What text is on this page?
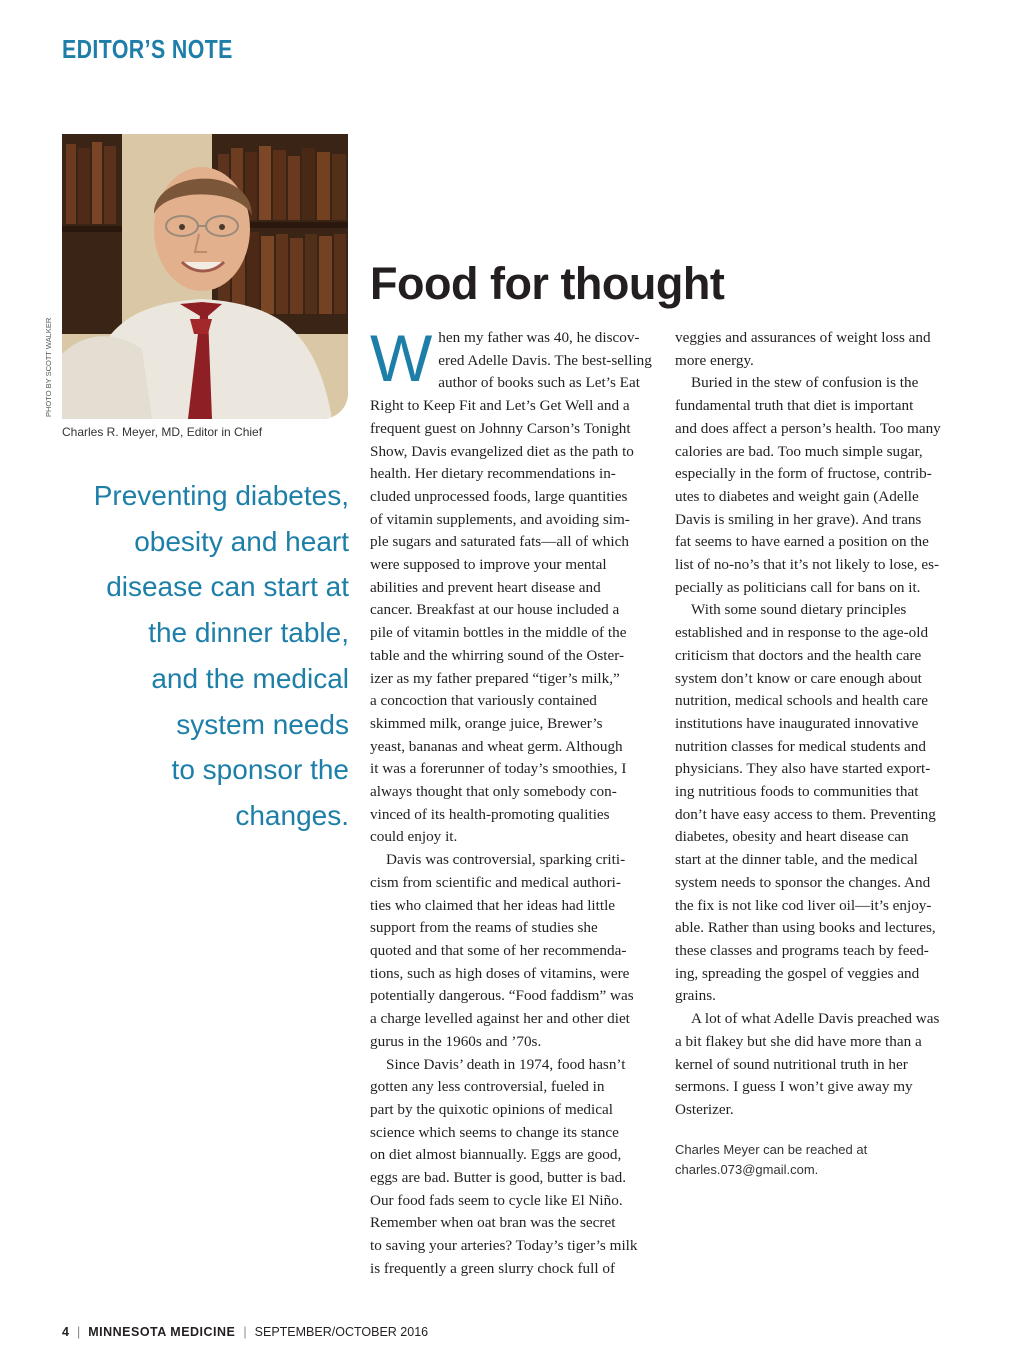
EDITOR’S NOTE
PHOTO BY SCOTT WALKER
Charles R. Meyer, MD, Editor in Chief
Preventing diabetes,
obesity and heart
disease can start at
the dinner table,
and the medical
system needs
to sponsor the
changes.
Food for thought
W hen my father was 40, he discov-
ered Adelle Davis. The best-selling
author of books such as Let’s Eat
Right to Keep Fit and Let’s Get Well and a
frequent guest on Johnny Carson’s Tonight
Show, Davis evangelized diet as the path to
health. Her dietary recommendations in-
cluded unprocessed foods, large quantities
of vitamin supplements, and avoiding sim-
ple sugars and saturated fats—all of which
were supposed to improve your mental
abilities and prevent heart disease and
cancer. Breakfast at our house included a
pile of vitamin bottles in the middle of the
table and the whirring sound of the Oster-
izer as my father prepared “tiger’s milk,”
a concoction that variously contained
skimmed milk, orange juice, Brewer’s
yeast, bananas and wheat germ. Although
it was a forerunner of today’s smoothies, I
always thought that only somebody con-
vinced of its health-promoting qualities
could enjoy it.
Davis was controversial, sparking criti-
cism from scientific and medical authori-
ties who claimed that her ideas had little
support from the reams of studies she
quoted and that some of her recommenda-
tions, such as high doses of vitamins, were
potentially dangerous. “Food faddism” was
a charge levelled against her and other diet
gurus in the 1960s and ’70s.
Since Davis’ death in 1974, food hasn’t
gotten any less controversial, fueled in
part by the quixotic opinions of medical
science which seems to change its stance
on diet almost biannually. Eggs are good,
eggs are bad. Butter is good, butter is bad.
Our food fads seem to cycle like El Niño.
Remember when oat bran was the secret
to saving your arteries? Today’s tiger’s milk
is frequently a green slurry chock full of
veggies and assurances of weight loss and
more energy.
Buried in the stew of confusion is the
fundamental truth that diet is important
and does affect a person’s health. Too many
calories are bad. Too much simple sugar,
especially in the form of fructose, contrib-
utes to diabetes and weight gain (Adelle
Davis is smiling in her grave). And trans
fat seems to have earned a position on the
list of no-no’s that it’s not likely to lose, es-
pecially as politicians call for bans on it.
With some sound dietary principles
established and in response to the age-old
criticism that doctors and the health care
system don’t know or care enough about
nutrition, medical schools and health care
institutions have inaugurated innovative
nutrition classes for medical students and
physicians. They also have started export-
ing nutritious foods to communities that
don’t have easy access to them. Preventing
diabetes, obesity and heart disease can
start at the dinner table, and the medical
system needs to sponsor the changes. And
the fix is not like cod liver oil—it’s enjoy-
able. Rather than using books and lectures,
these classes and programs teach by feed-
ing, spreading the gospel of veggies and
grains.
A lot of what Adelle Davis preached was
a bit flakey but she did have more than a
kernel of sound nutritional truth in her
sermons. I guess I won’t give away my
Osterizer.
Charles Meyer can be reached at
charles.073@gmail.com.
4 | MINNESOTA MEDICINE | SEPTEMBER/OCTOBER 2016
